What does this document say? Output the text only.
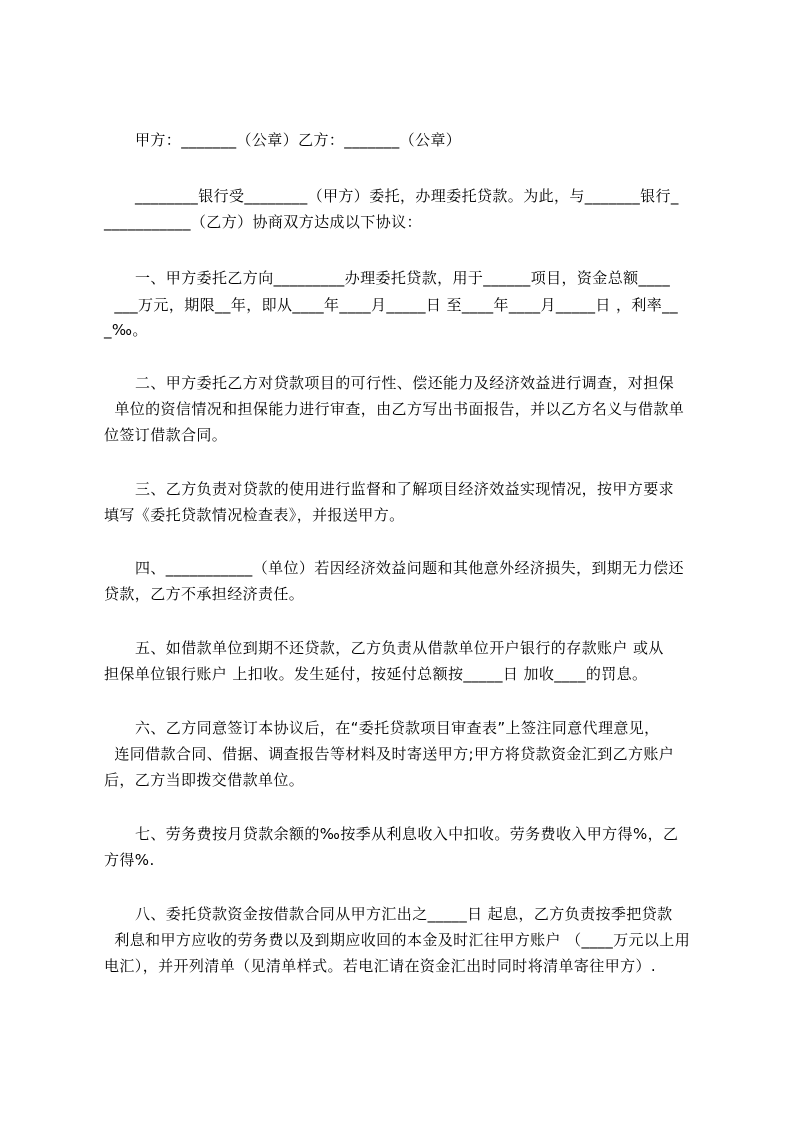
甲方：_______（公章）乙方：_______（公章）
________银行受________（甲方）委托，办理委托贷款。为此，与_______银行_
___________（乙方）协商双方达成以下协议：
一、甲方委托乙方向_________办理委托贷款，用于______项目，资金总额____
___万元，期限__年，即从____年____月_____日 至____年____月_____日 ，利率__
_‰。
二、甲方委托乙方对贷款项目的可行性、偿还能力及经济效益进行调查，对担保
单位的资信情况和担保能力进行审查，由乙方写出书面报告，并以乙方名义与借款单
位签订借款合同。
三、乙方负责对贷款的使用进行监督和了解项目经济效益实现情况，按甲方要求
填写《委托贷款情况检查表》，并报送甲方。
四、___________（单位）若因经济效益问题和其他意外经济损失，到期无力偿还
贷款，乙方不承担经济责任。
五、如借款单位到期不还贷款，乙方负责从借款单位开户银行的存款账户 或从
担保单位银行账户 上扣收。发生延付，按延付总额按_____日 加收____的罚息。
六、乙方同意签订本协议后，在“委托贷款项目审查表”上签注同意代理意见，
连同借款合同、借据、调查报告等材料及时寄送甲方;甲方将贷款资金汇到乙方账户
后，乙方当即拨交借款单位。
七、劳务费按月贷款余额的‰按季从利息收入中扣收。劳务费收入甲方得%，乙
方得%.
八、委托贷款资金按借款合同从甲方汇出之_____日 起息，乙方负责按季把贷款
利息和甲方应收的劳务费以及到期应收回的本金及时汇往甲方账户 （____万元以上用
电汇），并开列清单（见清单样式。若电汇请在资金汇出时同时将清单寄往甲方）.
